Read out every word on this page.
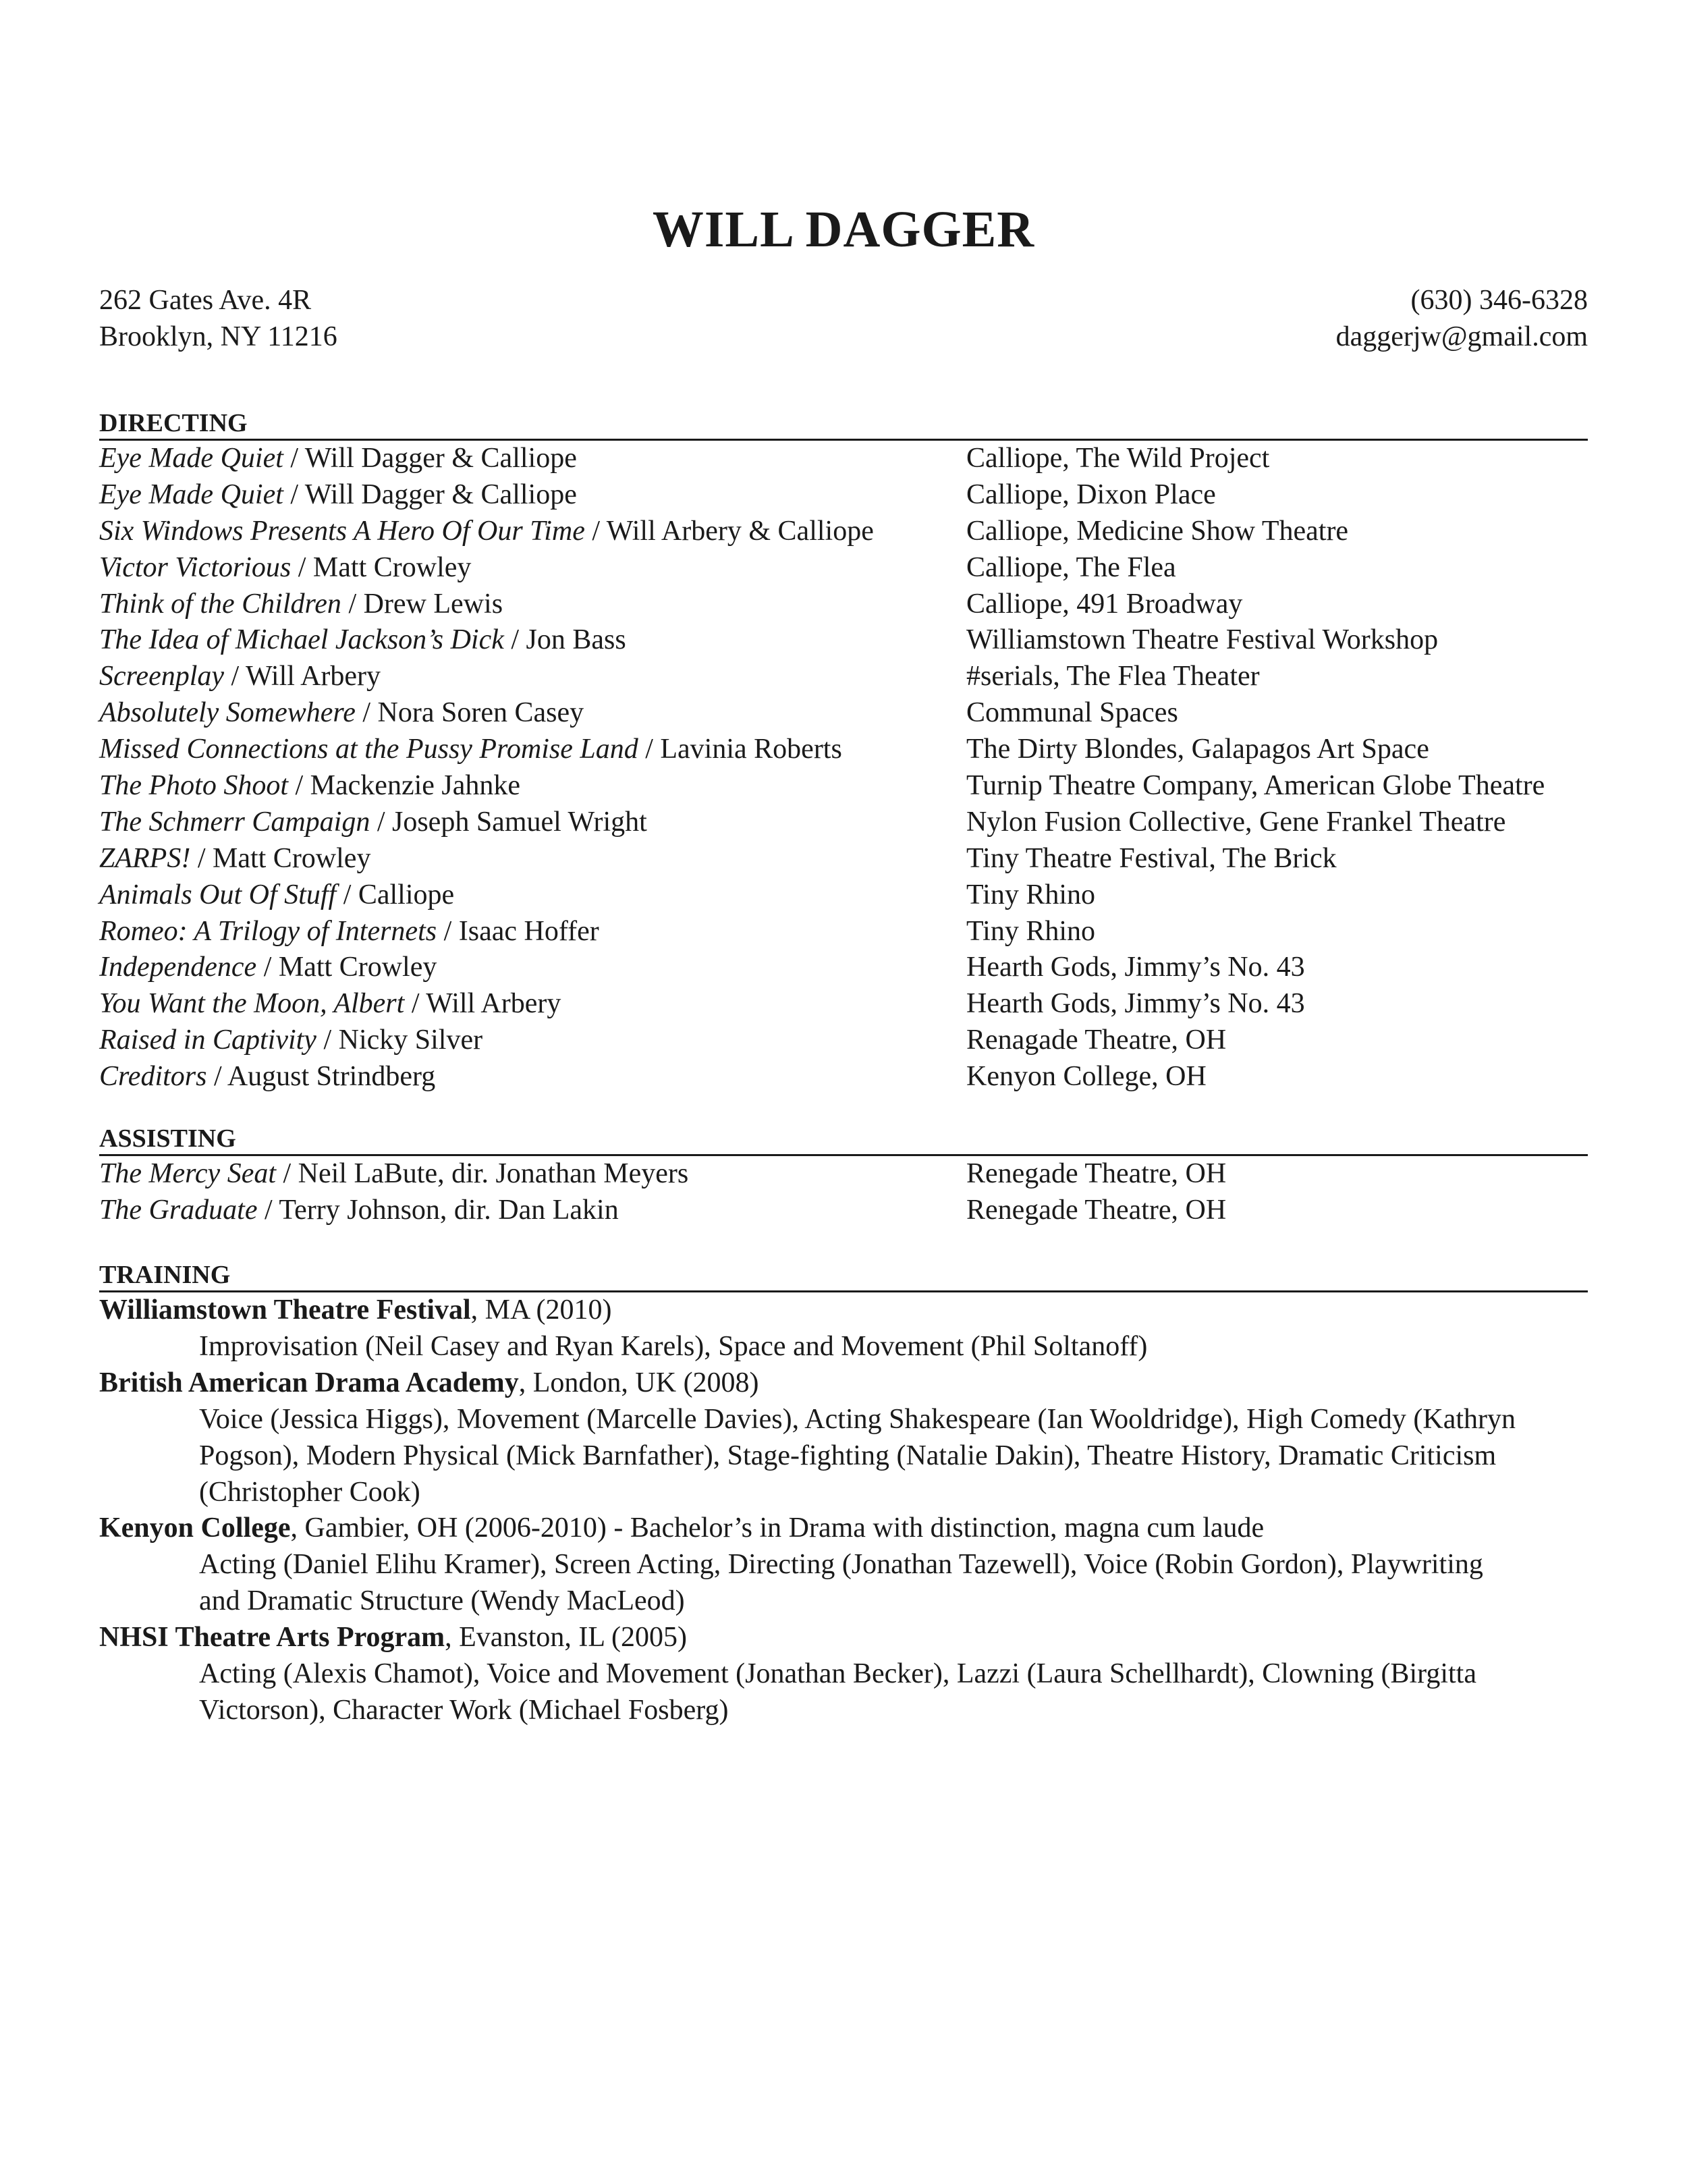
WILL DAGGER
262 Gates Ave. 4R
Brooklyn, NY 11216
(630) 346-6328
daggerjw@gmail.com
DIRECTING
Eye Made Quiet / Will Dagger & Calliope	Calliope, The Wild Project
Eye Made Quiet / Will Dagger & Calliope	Calliope, Dixon Place
Six Windows Presents A Hero Of Our Time / Will Arbery & Calliope	Calliope, Medicine Show Theatre
Victor Victorious / Matt Crowley	Calliope, The Flea
Think of the Children / Drew Lewis	Calliope, 491 Broadway
The Idea of Michael Jackson’s Dick / Jon Bass	Williamstown Theatre Festival Workshop
Screenplay / Will Arbery	#serials, The Flea Theater
Absolutely Somewhere / Nora Soren Casey	Communal Spaces
Missed Connections at the Pussy Promise Land / Lavinia Roberts	The Dirty Blondes, Galapagos Art Space
The Photo Shoot / Mackenzie Jahnke	Turnip Theatre Company, American Globe Theatre
The Schmerr Campaign / Joseph Samuel Wright	Nylon Fusion Collective, Gene Frankel Theatre
ZARPS! / Matt Crowley	Tiny Theatre Festival, The Brick
Animals Out Of Stuff / Calliope	Tiny Rhino
Romeo: A Trilogy of Internets / Isaac Hoffer	Tiny Rhino
Independence / Matt Crowley	Hearth Gods, Jimmy’s No. 43
You Want the Moon, Albert / Will Arbery	Hearth Gods, Jimmy’s No. 43
Raised in Captivity / Nicky Silver	Renagade Theatre, OH
Creditors / August Strindberg	Kenyon College, OH
ASSISTING
The Mercy Seat / Neil LaBute, dir. Jonathan Meyers	Renegade Theatre, OH
The Graduate / Terry Johnson, dir. Dan Lakin	Renegade Theatre, OH
TRAINING
Williamstown Theatre Festival, MA (2010)
Improvisation (Neil Casey and Ryan Karels), Space and Movement (Phil Soltanoff)
British American Drama Academy, London, UK (2008)
Voice (Jessica Higgs), Movement (Marcelle Davies), Acting Shakespeare (Ian Wooldridge), High Comedy (Kathryn
Pogson), Modern Physical (Mick Barnfather), Stage-fighting (Natalie Dakin), Theatre History, Dramatic Criticism
(Christopher Cook)
Kenyon College, Gambier, OH (2006-2010) - Bachelor’s in Drama with distinction, magna cum laude
Acting (Daniel Elihu Kramer), Screen Acting, Directing (Jonathan Tazewell), Voice (Robin Gordon), Playwriting
and Dramatic Structure (Wendy MacLeod)
NHSI Theatre Arts Program, Evanston, IL (2005)
Acting (Alexis Chamot), Voice and Movement (Jonathan Becker), Lazzi (Laura Schellhardt), Clowning (Birgitta
Victorson), Character Work (Michael Fosberg)
